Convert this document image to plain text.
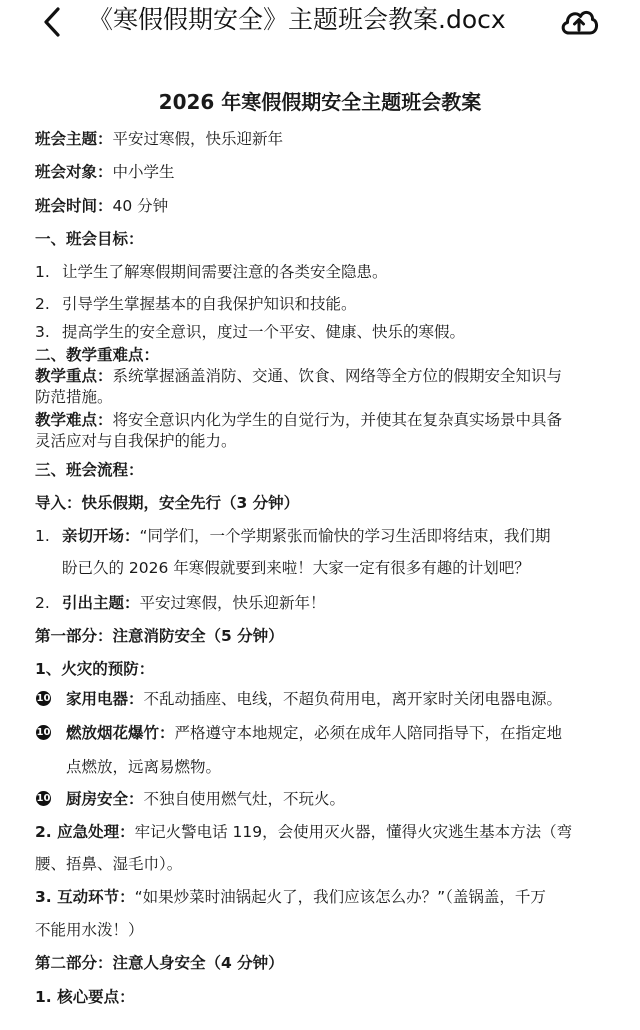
2026 年寒假假期安全主题班会教案
班会主题：平安过寒假，快乐迎新年
班会对象：中小学生
班会时间：40 分钟
一、班会目标：
1. 让学生了解寒假期间需要注意的各类安全隐患。
2. 引导学生掌握基本的自我保护知识和技能。
3. 提高学生的安全意识，度过一个平安、健康、快乐的寒假。
二、教学重难点：
教学重点：系统掌握涵盖消防、交通、饮食、网络等全方位的假期安全知识与
防范措施。
教学难点：将安全意识内化为学生的自觉行为，并使其在复杂真实场景中具备
灵活应对与自我保护的能力。
三、班会流程：
导入：快乐假期，安全先行（3 分钟）
1. 亲切开场：“同学们，一个学期紧张而愉快的学习生活即将结束，我们期
盼已久的 2026 年寒假就要到来啦！大家一定有很多有趣的计划吧？
2. 引出主题：平安过寒假，快乐迎新年！
第一部分：注意消防安全（5 分钟）
1、火灾的预防：
10 家用电器：不乱动插座、电线，不超负荷用电，离开家时关闭电器电源。
10 燃放烟花爆竹：严格遵守本地规定，必须在成年人陪同指导下，在指定地
点燃放，远离易燃物。
10 厨房安全：不独自使用燃气灶，不玩火。
2. 应急处理：牢记火警电话 119，会使用灭火器，懂得火灾逃生基本方法（弯
腰、捂鼻、湿毛巾）。
3. 互动环节：“如果炒菜时油锅起火了，我们应该怎么办？”（盖锅盖，千万
不能用水泼！）
第二部分：注意人身安全（4 分钟）
1. 核心要点：
《寒假假期安全》主题班会教案.docx
